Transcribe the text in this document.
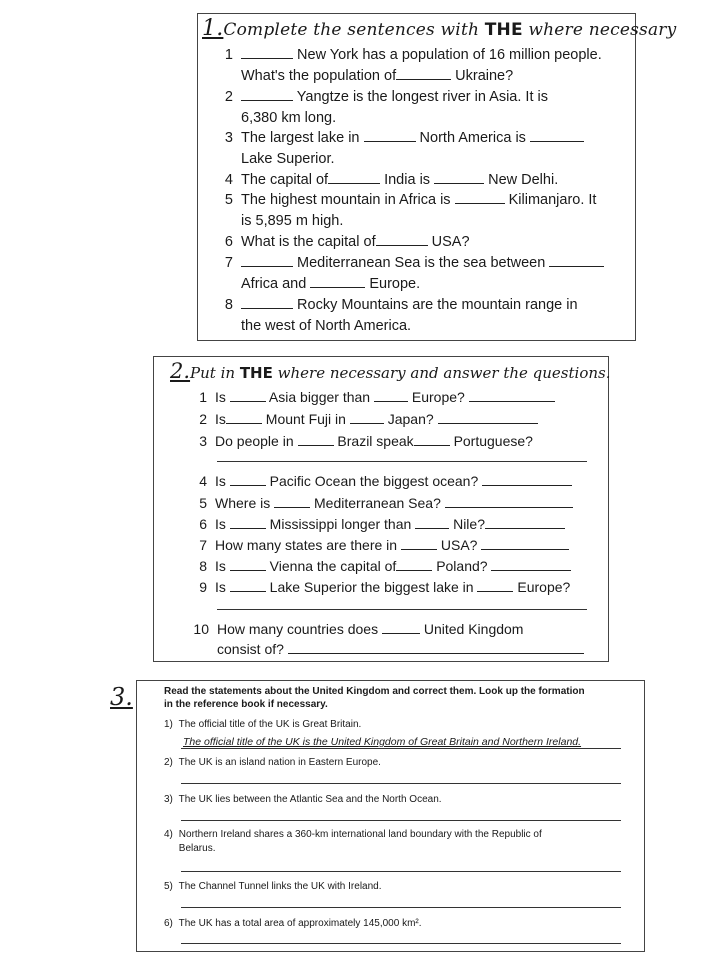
1.Complete the sentences with THE where necessary
1	New York has a population of 16 million people.
What's the population of	Ukraine?
2	Yangtze is the longest river in Asia. It is
6,380 km long.
3 The largest lake in	North America is
Lake Superior.
4 The capital of	India is	New Delhi.
5 The highest mountain in Africa is	Kilimanjaro. It
is 5,895 m high.
6 What is the capital of	USA?
7	Mediterranean Sea is the sea between
Africa and	Europe.
8	Rocky Mountains are the mountain range in
the west of North America.
2.Put in THE where necessary and answer the questions.
1 Is	Asia bigger than	Europe?
2 Is	Mount Fuji in	Japan?
3 Do people in	Brazil speak	Portuguese?
4 Is	Pacific Ocean the biggest ocean?
5 Where is	Mediterranean Sea?
6 Is	Mississippi longer than	Nile?
7 How many states are there in	USA?
8 Is	Vienna the capital of	Poland?
9 Is	Lake Superior the biggest lake in	Europe?
10 How many countries does	United Kingdom
consist of?
3.	Read the statements about the United Kingdom and correct them. Look up the formation
in the reference book if necessary.
1) The official title of the UK is Great Britain.
The official title of the UK is the United Kingdom of Great Britain and Northern Ireland.
2) The UK is an island nation in Eastern Europe.
3) The UK lies between the Atlantic Sea and the North Ocean.
4) Northern Ireland shares a 360-km international land boundary with the Republic of
Belarus.
5) The Channel Tunnel links the UK with Ireland.
6) The UK has a total area of approximately 145,000 km².
